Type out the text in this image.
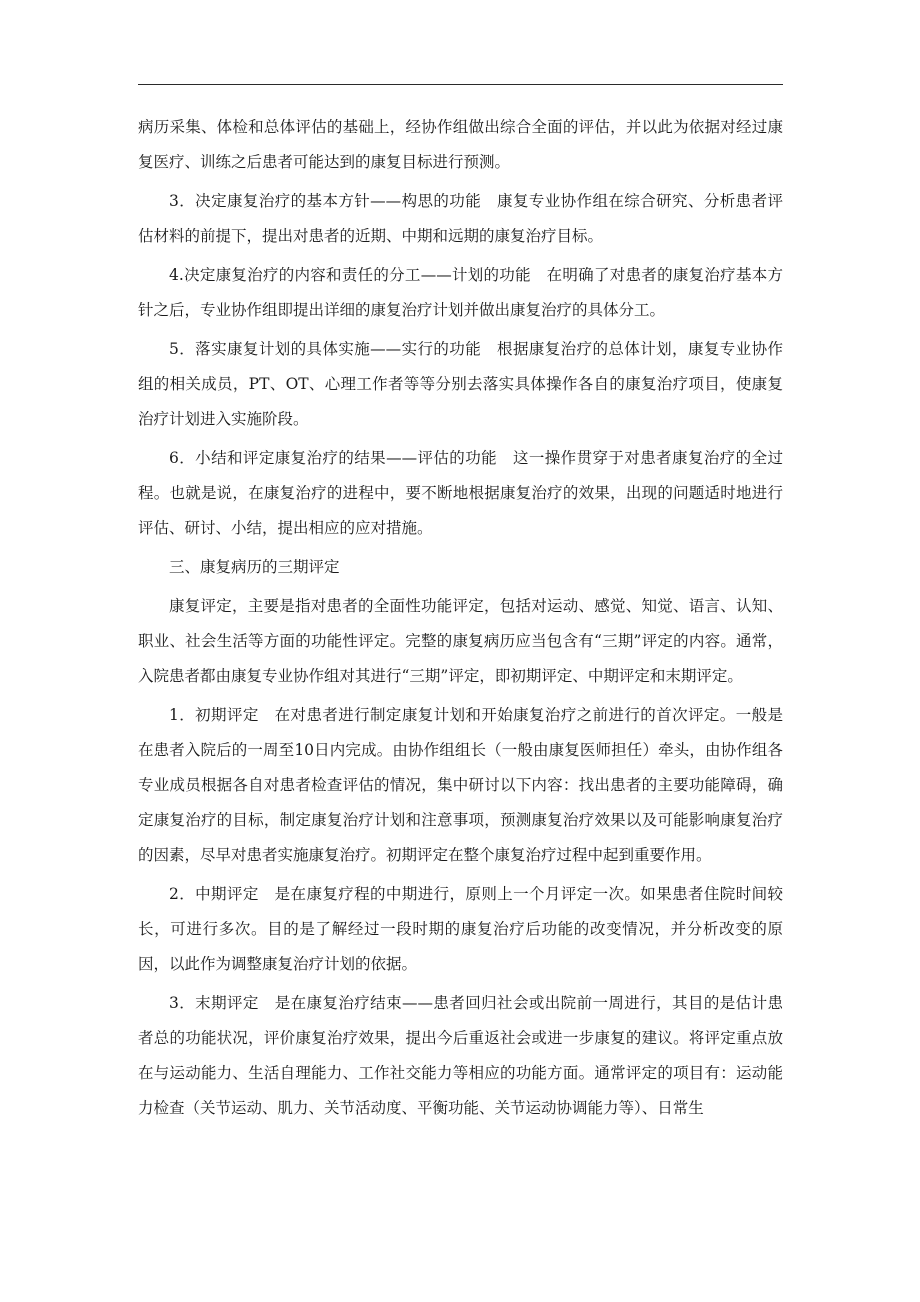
病历采集、体检和总体评估的基础上，经协作组做出综合全面的评估，并以此为依据对经过康复医疗、训练之后患者可能达到的康复目标进行预测。

3．决定康复治疗的基本方针——构思的功能　康复专业协作组在综合研究、分析患者评估材料的前提下，提出对患者的近期、中期和远期的康复治疗目标。

4.决定康复治疗的内容和责任的分工——计划的功能　在明确了对患者的康复治疗基本方针之后，专业协作组即提出详细的康复治疗计划并做出康复治疗的具体分工。

5．落实康复计划的具体实施——实行的功能　根据康复治疗的总体计划，康复专业协作组的相关成员，PT、OT、心理工作者等等分别去落实具体操作各自的康复治疗项目，使康复治疗计划进入实施阶段。

6．小结和评定康复治疗的结果——评估的功能　这一操作贯穿于对患者康复治疗的全过程。也就是说，在康复治疗的进程中，要不断地根据康复治疗的效果，出现的问题适时地进行评估、研讨、小结，提出相应的应对措施。

三、康复病历的三期评定

康复评定，主要是指对患者的全面性功能评定，包括对运动、感觉、知觉、语言、认知、职业、社会生活等方面的功能性评定。完整的康复病历应当包含有“三期”评定的内容。通常，入院患者都由康复专业协作组对其进行“三期”评定，即初期评定、中期评定和末期评定。

1．初期评定　在对患者进行制定康复计划和开始康复治疗之前进行的首次评定。一般是在患者入院后的一周至10日内完成。由协作组组长（一般由康复医师担任）牵头，由协作组各专业成员根据各自对患者检查评估的情况，集中研讨以下内容：找出患者的主要功能障碍，确定康复治疗的目标，制定康复治疗计划和注意事项，预测康复治疗效果以及可能影响康复治疗的因素，尽早对患者实施康复治疗。初期评定在整个康复治疗过程中起到重要作用。

2．中期评定　是在康复疗程的中期进行，原则上一个月评定一次。如果患者住院时间较长，可进行多次。目的是了解经过一段时期的康复治疗后功能的改变情况，并分析改变的原因，以此作为调整康复治疗计划的依据。

3．末期评定　是在康复治疗结束——患者回归社会或出院前一周进行，其目的是估计患者总的功能状况，评价康复治疗效果，提出今后重返社会或进一步康复的建议。将评定重点放在与运动能力、生活自理能力、工作社交能力等相应的功能方面。通常评定的项目有：运动能力检查（关节运动、肌力、关节活动度、平衡功能、关节运动协调能力等）、日常生
